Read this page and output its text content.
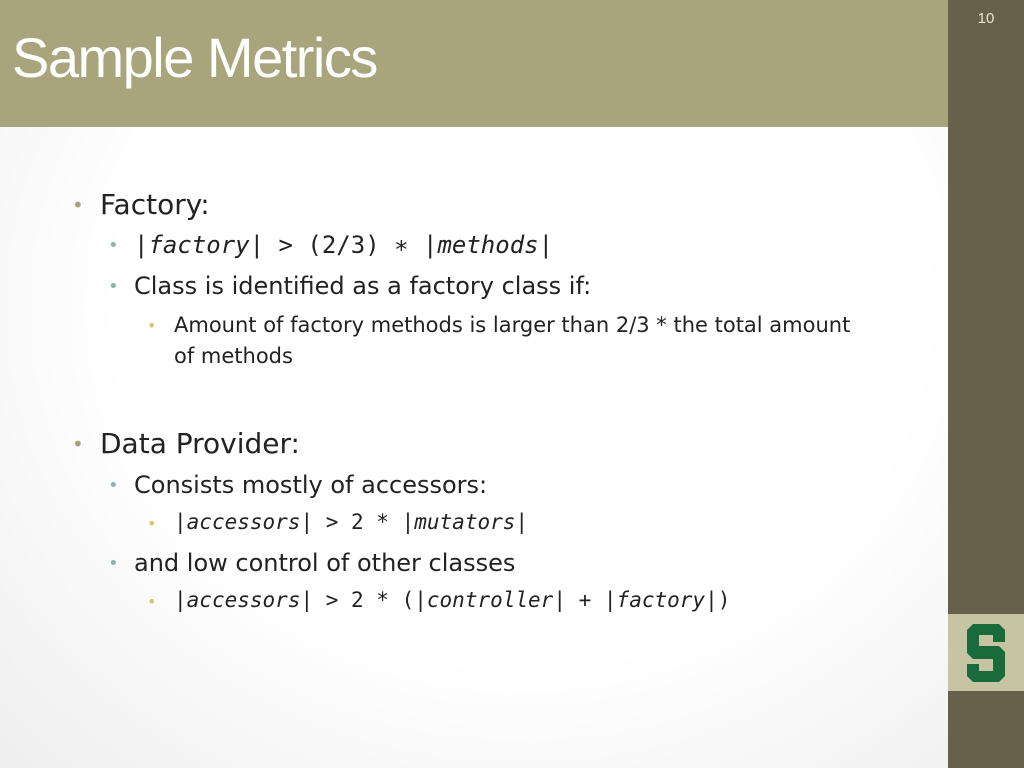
Sample Metrics
10
• Factory:
• |factory| > (2/3) ∗ |methods|
• Class is identified as a factory class if:
• Amount of factory methods is larger than 2/3 * the total amount of methods
• Data Provider:
• Consists mostly of accessors:
• |accessors| > 2 * |mutators|
• and low control of other classes
• |accessors| > 2 * (|controller| + |factory|)
